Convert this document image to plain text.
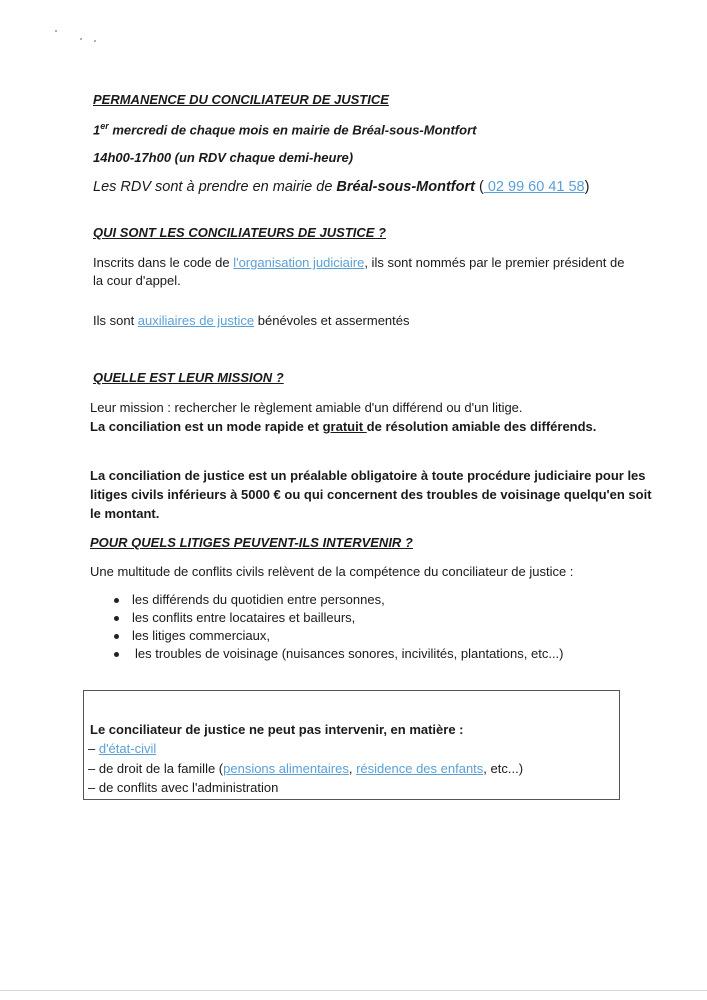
PERMANENCE DU CONCILIATEUR DE JUSTICE
1er mercredi de chaque mois en mairie de Bréal-sous-Montfort
14h00-17h00 (un RDV chaque demi-heure)
Les RDV sont à prendre en mairie de Bréal-sous-Montfort ( 02 99 60 41 58)
QUI SONT LES CONCILIATEURS DE JUSTICE ?
Inscrits dans le code de l'organisation judiciaire, ils sont nommés par le premier président de
la cour d'appel.
Ils sont auxiliaires de justice bénévoles et assermentés
QUELLE EST LEUR MISSION ?
Leur mission : rechercher le règlement amiable d'un différend ou d'un litige.
La conciliation est un mode rapide et gratuit de résolution amiable des différends.
La conciliation de justice est un préalable obligatoire à toute procédure judiciaire pour les
litiges civils inférieurs à 5000 € ou qui concernent des troubles de voisinage quelqu'en soit
le montant.
POUR QUELS LITIGES PEUVENT-ILS INTERVENIR ?
Une multitude de conflits civils relèvent de la compétence du conciliateur de justice :
les différends du quotidien entre personnes,
les conflits entre locataires et bailleurs,
les litiges commerciaux,
les troubles de voisinage (nuisances sonores, incivilités, plantations, etc...)
Le conciliateur de justice ne peut pas intervenir, en matière :
– d'état-civil
– de droit de la famille (pensions alimentaires, résidence des enfants, etc...)
– de conflits avec l'administration
